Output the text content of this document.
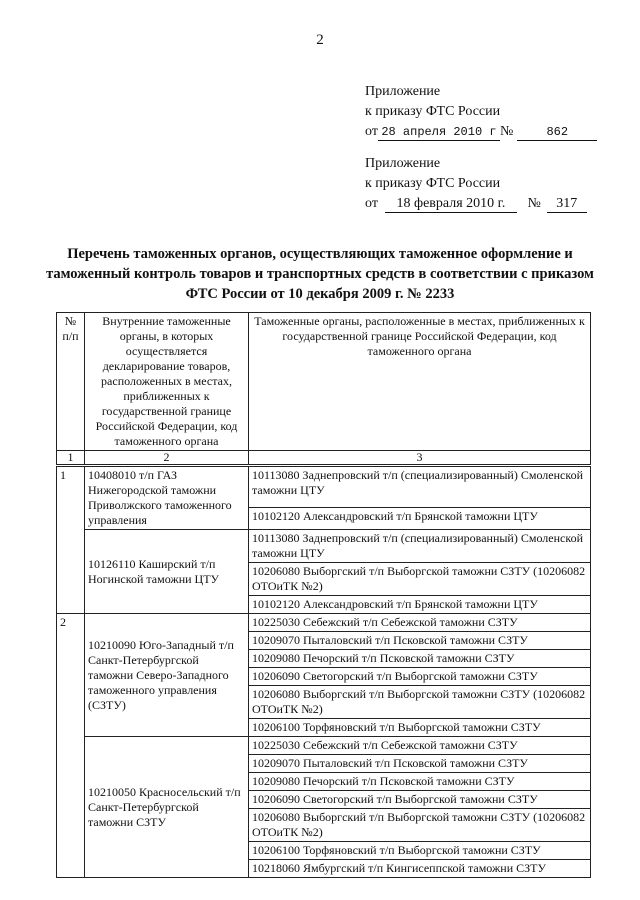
2
Приложение
к приказу ФТС России
от 28 апреля 2010 г №	862
Приложение
к приказу ФТС России
от 18 февраля 2010 г. № 317
Перечень таможенных органов, осуществляющих таможенное оформление и таможенный контроль товаров и транспортных средств в соответствии с приказом ФТС России от 10 декабря 2009 г. № 2233
№ п/п	Внутренние таможенные органы, в которых осуществляется декларирование товаров, расположенных в местах, приближенных к государственной границе Российской Федерации, код таможенного органа	Таможенные органы, расположенные в местах, приближенных к государственной границе Российской Федерации, код таможенного органа
1	2	3
1	10408010 т/п ГАЗ Нижегородской таможни Приволжского таможенного управления	10113080 Заднепровский т/п (специализированный) Смоленской таможни ЦТУ
		10102120 Александровский т/п Брянской таможни ЦТУ
	10126110 Каширский т/п Ногинской таможни ЦТУ	10113080 Заднепровский т/п (специализированный) Смоленской таможни ЦТУ
		10206080 Выборгский т/п Выборгской таможни СЗТУ (10206082 ОТОиТК №2)
		10102120 Александровский т/п Брянской таможни ЦТУ
2	10210090 Юго-Западный т/п Санкт-Петербургской таможни Северо-Западного таможенного управления (СЗТУ)	10225030 Себежский т/п Себежской таможни СЗТУ
		10209070 Пыталовский т/п Псковской таможни СЗТУ
		10209080 Печорский т/п Псковской таможни СЗТУ
		10206090 Светогорский т/п Выборгской таможни СЗТУ
		10206080 Выборгский т/п Выборгской таможни СЗТУ (10206082 ОТОиТК №2)
		10206100 Торфяновский т/п Выборгской таможни СЗТУ
	10210050 Красносельский т/п Санкт-Петербургской таможни СЗТУ	10225030 Себежский т/п Себежской таможни СЗТУ
		10209070 Пыталовский т/п Псковской таможни СЗТУ
		10209080 Печорский т/п Псковской таможни СЗТУ
		10206090 Светогорский т/п Выборгской таможни СЗТУ
		10206080 Выборгский т/п Выборгской таможни СЗТУ (10206082 ОТОиТК №2)
		10206100 Торфяновский т/п Выборгской таможни СЗТУ
		10218060 Ямбургский т/п Кингисеппской таможни СЗТУ
